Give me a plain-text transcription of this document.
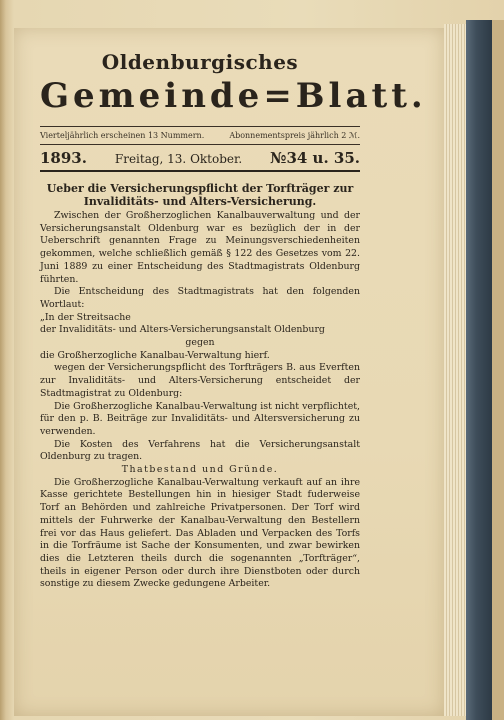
Oldenburgisches
Gemeinde=Blatt.
Vierteljährlich erscheinen 13 Nummern.	Abonnementspreis jährlich 2 ℳ.
1893. Freitag, 13. Oktober. №34 u. 35.
Ueber die Versicherungspflicht der Torfträger zur Invaliditäts- und Alters-Versicherung.

Zwischen der Großherzoglichen Kanalbauverwaltung und der Versicherungsanstalt Oldenburg war es bezüglich der in der Ueberschrift genannten Frage zu Meinungsverschiedenheiten gekommen, welche schließlich gemäß § 122 des Gesetzes vom 22. Juni 1889 zu einer Entscheidung des Stadtmagistrats Oldenburg führten.

Die Entscheidung des Stadtmagistrats hat den folgenden Wortlaut:

„In der Streitsache

der Invaliditäts- und Alters-Versicherungsanstalt Oldenburg

gegen

die Großherzogliche Kanalbau-Verwaltung hierf.

wegen der Versicherungspflicht des Torfträgers B. aus Everften zur Invaliditäts- und Alters-Versicherung entscheidet der Stadtmagistrat zu Oldenburg:

Die Großherzogliche Kanalbau-Verwaltung ist nicht verpflichtet, für den p. B. Beiträge zur Invaliditäts- und Altersversicherung zu verwenden.

Die Kosten des Verfahrens hat die Versicherungsanstalt Oldenburg zu tragen.

Thatbestand und Gründe.

Die Großherzogliche Kanalbau-Verwaltung verkauft auf an ihre Kasse gerichtete Bestellungen hin in hiesiger Stadt fuderweise Torf an Behörden und zahlreiche Privatpersonen. Der Torf wird mittels der Fuhrwerke der Kanalbau-Verwaltung den Bestellern frei vor das Haus geliefert. Das Abladen und Verpacken des Torfs in die Torfräume ist Sache der Konsumenten, und zwar bewirken dies die Letzteren theils durch die sogenannten „Torfträger“, theils in eigener Person oder durch ihre Dienstboten oder durch sonstige zu diesem Zwecke gedungene Arbeiter.
